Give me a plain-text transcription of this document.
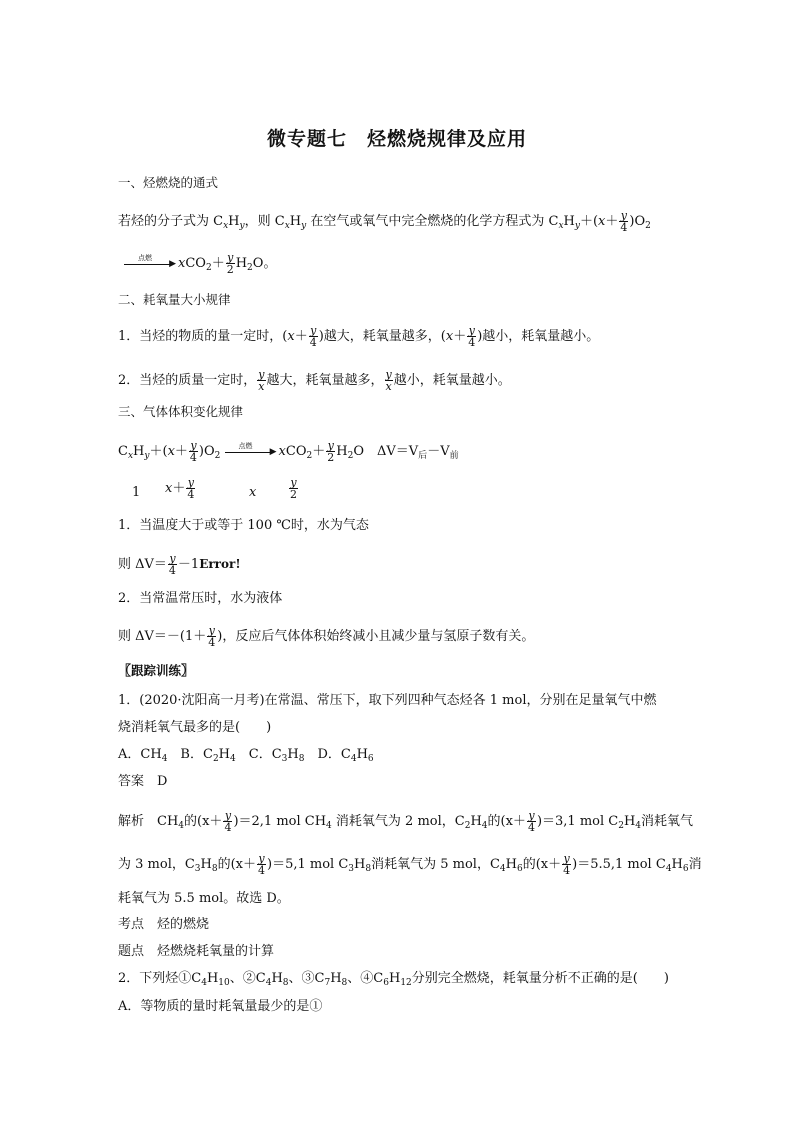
微专题七　烃燃烧规律及应用
一、烃燃烧的通式
若烃的分子式为 $C_xH_y$，则 $C_xH_y$ 在空气或氧气中完全燃烧的化学方程式为 $C_xH_y+(x+ \frac{y}{4} )O_2$
点燃
▶ $xCO_2+ \frac{y}{2} H_2O$。
二、耗氧量大小规律
1．当烃的物质的量一定时，($x+ \frac{y}{4}$ )越大，耗氧量越多，($x+ \frac{y}{4}$ )越小，耗氧量越小。
2．当烃的质量一定时， $\frac{y}{x}$ 越大，耗氧量越多， $\frac{y}{x}$ 越小，耗氧量越小。
三、气体体积变化规律
$C_xH_y+(x+ \frac{y}{4} )O_2$
点燃
▶ $xCO_2+ \frac{y}{2} H_2O$　$\Delta V=V_后-V_前$
1 $x+ \frac{y}{4}$	x	$\frac{y}{2}$
1．当温度大于或等于 100 ℃时，水为气态
则 $\Delta V= \frac{y}{4}$ －1Error!
2．当常温常压时，水为液体
则 $\Delta V=-(1+ \frac{y}{4}$ )，反应后气体体积始终减小且减少量与氢原子数有关。
〖跟踪训练〗
1．(2020·沈阳高一月考)在常温、常压下，取下列四种气态烃各 1 mol，分别在足量氧气中燃
烧消耗氧气最多的是(　　)
A．$CH_4$　B．$C_2H_4$　C．$C_3H_8$　D．$C_4H_6$
答案　D
解析　$CH_4$的$(x+ \frac{y}{4} )=2,1$ mol $CH_4$ 消耗氧气为 2 mol，$C_2H_4$的$(x+ \frac{y}{4} )=3,1$ mol $C_2H_4$消耗氧气
为 3 mol，$C_3H_8$的$(x+ \frac{y}{4} )=5,1$ mol $C_3H_8$消耗氧气为 5 mol，$C_4H_6$的$(x+ \frac{y}{4} )=5.5,1$ mol $C_4H_6$消
耗氧气为 5.5 mol。故选 D。
考点　烃的燃烧
题点　烃燃烧耗氧量的计算
2．下列烃$①C_4H_{10}$、$②C_4H_8$、$③C_7H_8$、$④C_6H_{12}$分别完全燃烧，耗氧量分析不正确的是(　　)
A．等物质的量时耗氧量最少的是①
